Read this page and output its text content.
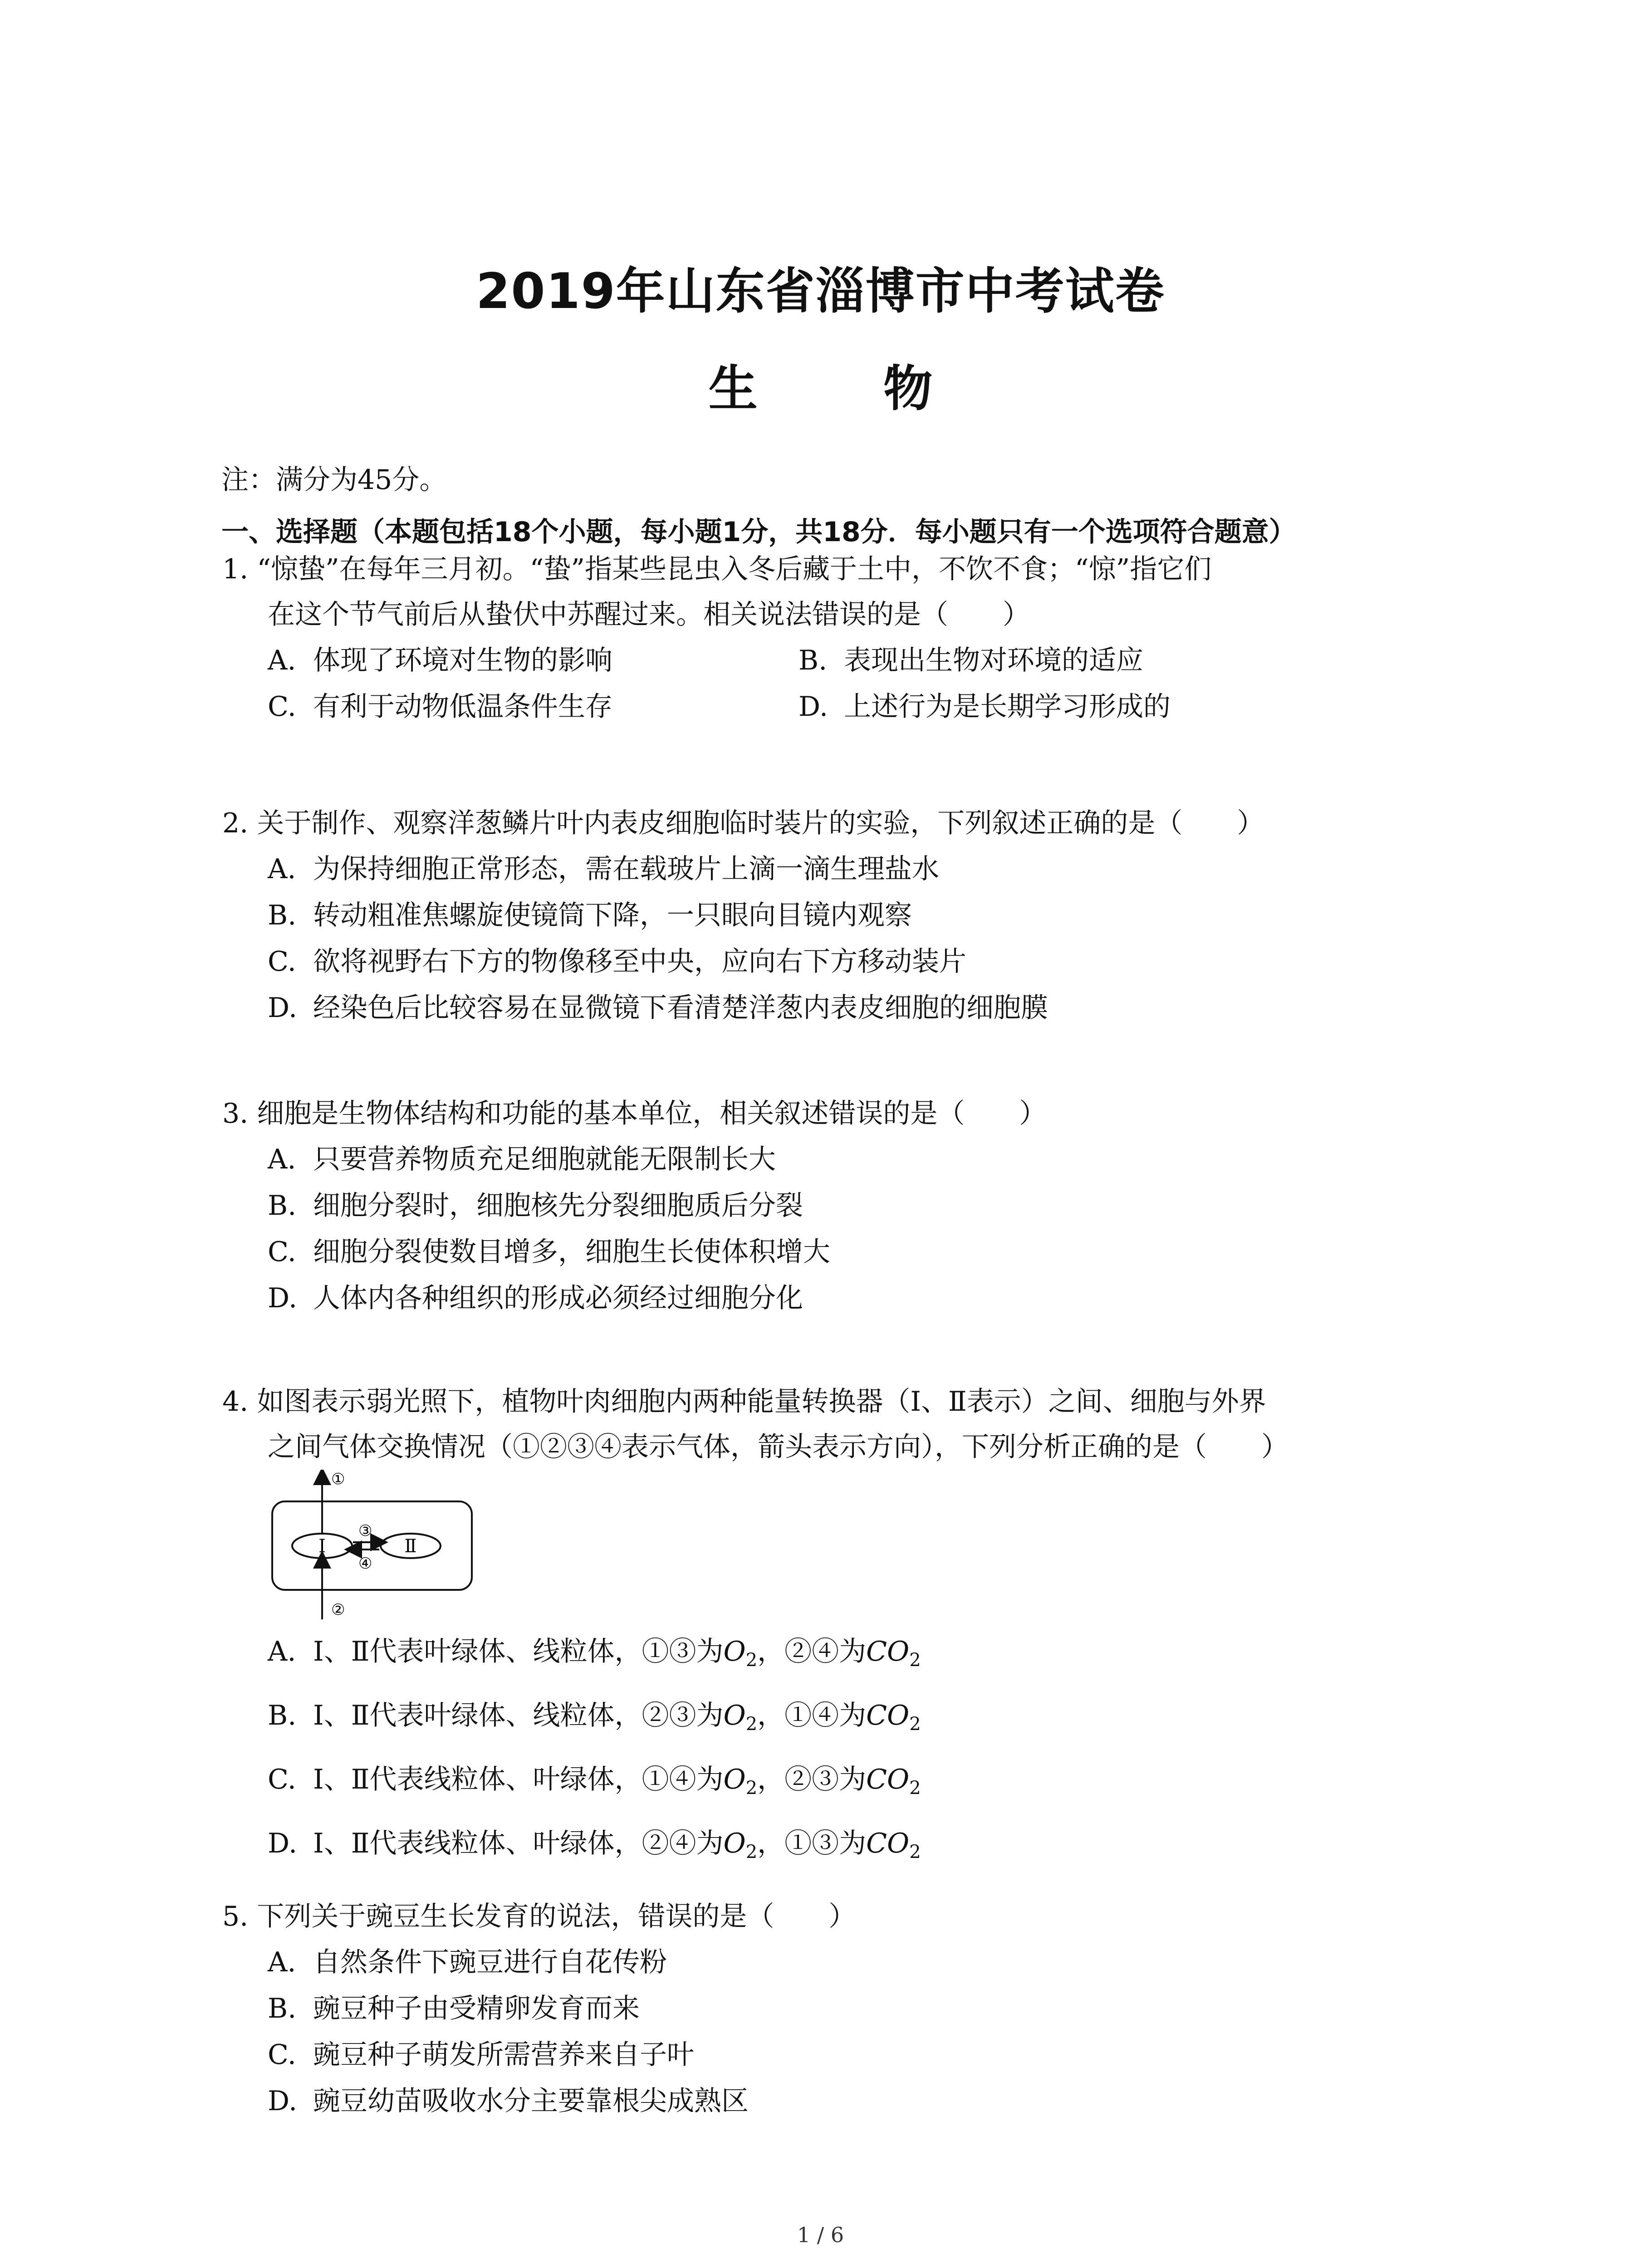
2019年山东省淄博市中考试卷
生 物
注：满分为45分。
一、选择题（本题包括18个小题，每小题1分，共18分．每小题只有一个选项符合题意）
1. “惊蛰”在每年三月初。“蛰”指某些昆虫入冬后藏于土中，不饮不食；“惊”指它们
在这个节气前后从蛰伏中苏醒过来。相关说法错误的是（　　）
A. 体现了环境对生物的影响	B. 表现出生物对环境的适应
C. 有利于动物低温条件生存	D. 上述行为是长期学习形成的
2. 关于制作、观察洋葱鳞片叶内表皮细胞临时装片的实验，下列叙述正确的是（　　）
A. 为保持细胞正常形态，需在载玻片上滴一滴生理盐水
B. 转动粗准焦螺旋使镜筒下降，一只眼向目镜内观察
C. 欲将视野右下方的物像移至中央，应向右下方移动装片
D. 经染色后比较容易在显微镜下看清楚洋葱内表皮细胞的细胞膜
3. 细胞是生物体结构和功能的基本单位，相关叙述错误的是（　　）
A. 只要营养物质充足细胞就能无限制长大
B. 细胞分裂时，细胞核先分裂细胞质后分裂
C. 细胞分裂使数目增多，细胞生长使体积增大
D. 人体内各种组织的形成必须经过细胞分化
4. 如图表示弱光照下，植物叶肉细胞内两种能量转换器（Ⅰ、Ⅱ表示）之间、细胞与外界
之间气体交换情况（①②③④表示气体，箭头表示方向），下列分析正确的是（　　）
Ⅰ	Ⅱ
①
②
③
④
A. Ⅰ、Ⅱ代表叶绿体、线粒体，①③为$O_2$，②④为$CO_2$
B. Ⅰ、Ⅱ代表叶绿体、线粒体，②③为$O_2$，①④为$CO_2$
C. Ⅰ、Ⅱ代表线粒体、叶绿体，①④为$O_2$，②③为$CO_2$
D. Ⅰ、Ⅱ代表线粒体、叶绿体，②④为$O_2$，①③为$CO_2$
5. 下列关于豌豆生长发育的说法，错误的是（　　）
A. 自然条件下豌豆进行自花传粉
B. 豌豆种子由受精卵发育而来
C. 豌豆种子萌发所需营养来自子叶
D. 豌豆幼苗吸收水分主要靠根尖成熟区
1 / 6
